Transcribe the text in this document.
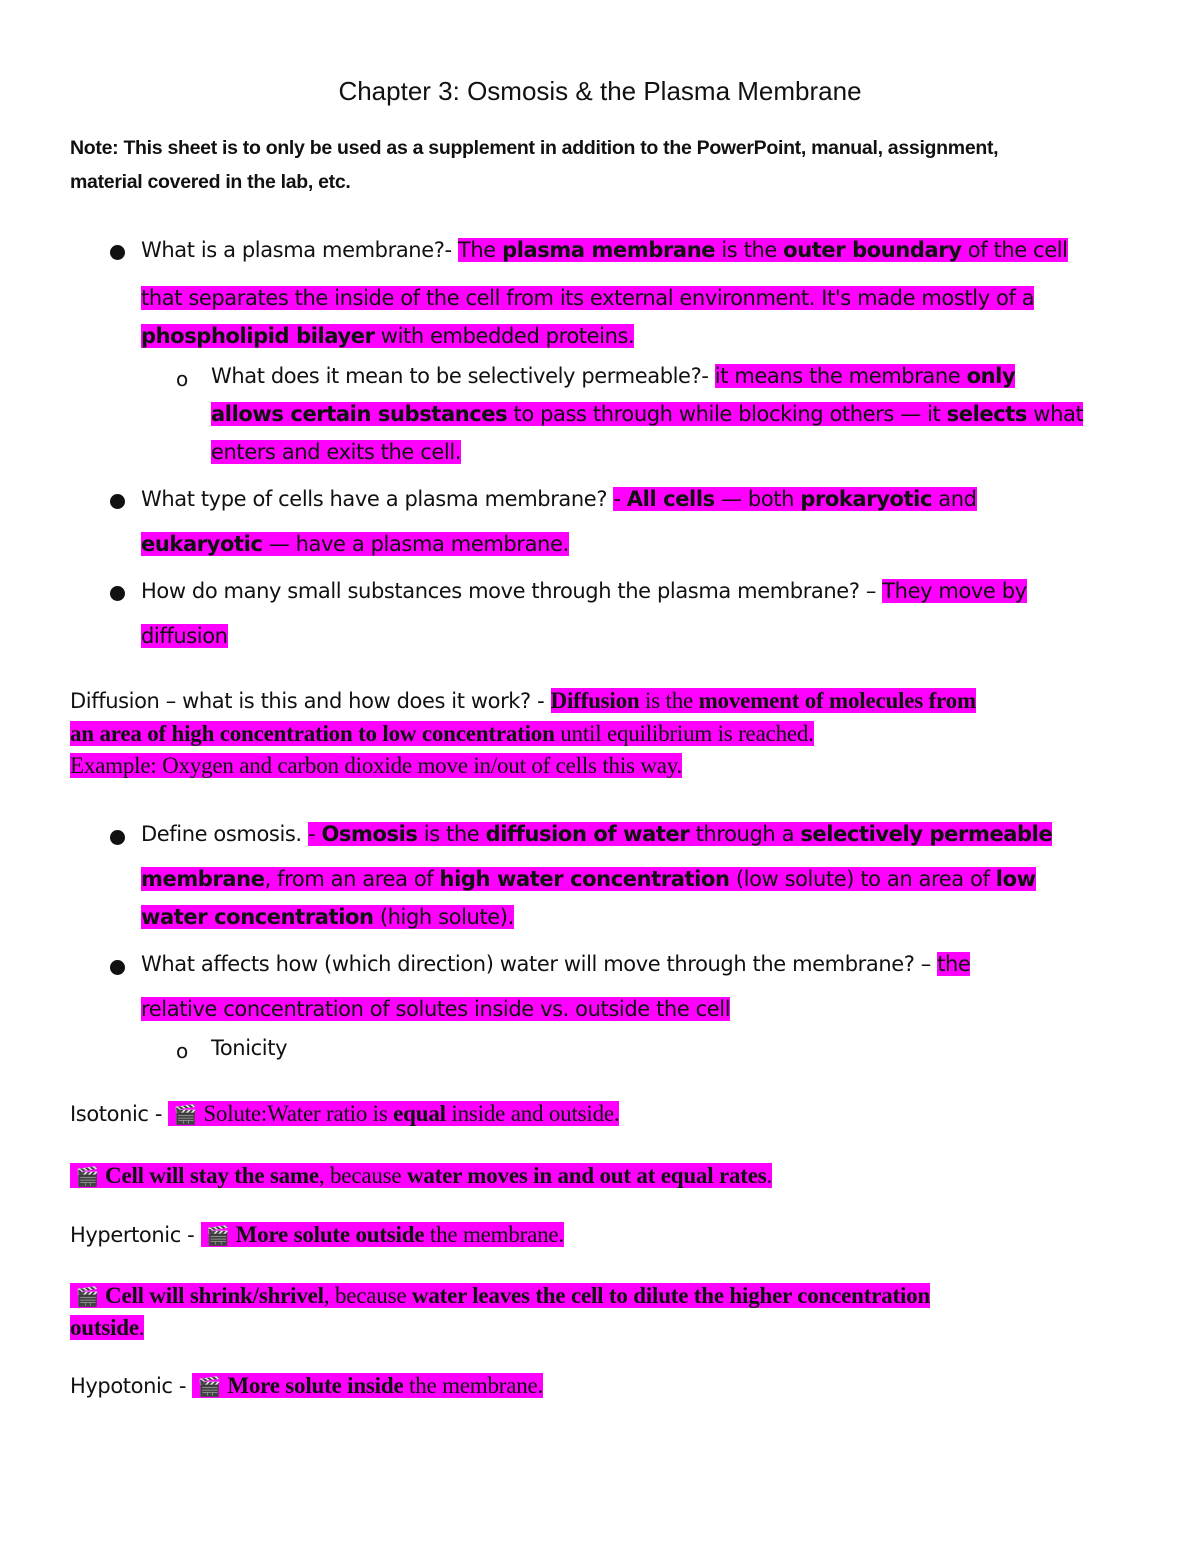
Chapter 3: Osmosis & the Plasma Membrane
Note: This sheet is to only be used as a supplement in addition to the PowerPoint, manual, assignment,
material covered in the lab, etc.
What is a plasma membrane?- The plasma membrane is the outer boundary of the cell
that separates the inside of the cell from its external environment. It's made mostly of a
phospholipid bilayer with embedded proteins.
o What does it mean to be selectively permeable?- it means the membrane only
allows certain substances to pass through while blocking others — it selects what
enters and exits the cell.
What type of cells have a plasma membrane? - All cells — both prokaryotic and
eukaryotic — have a plasma membrane.
How do many small substances move through the plasma membrane? – They move by
diffusion
Diffusion – what is this and how does it work? - Diffusion is the movement of molecules from
an area of high concentration to low concentration until equilibrium is reached.
Example: Oxygen and carbon dioxide move in/out of cells this way.
Define osmosis. - Osmosis is the diffusion of water through a selectively permeable
membrane, from an area of high water concentration (low solute) to an area of low
water concentration (high solute).
What affects how (which direction) water will move through the membrane? – the
relative concentration of solutes inside vs. outside the cell
o Tonicity
Isotonic -  🎬 Solute:Water ratio is equal inside and outside.
🎬 Cell will stay the same, because water moves in and out at equal rates.
Hypertonic -  🎬 More solute outside the membrane.
🎬 Cell will shrink/shrivel, because water leaves the cell to dilute the higher concentration
outside.
Hypotonic -  🎬 More solute inside the membrane.
